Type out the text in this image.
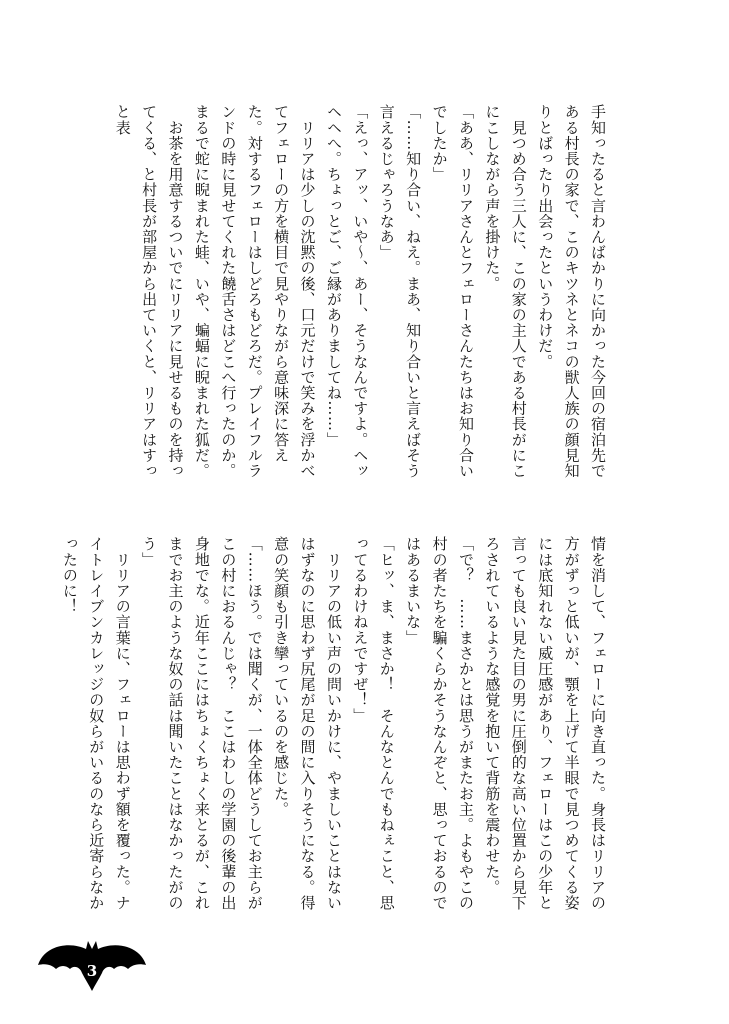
手知ったると言わんばかりに向かった今回の宿泊先である村長の家で、このキツネとネコの獣人族の顔見知りとばったり出会ったというわけだ。

　見つめ合う三人に、この家の主人である村長がにこにこしながら声を掛けた。

「ああ、リリアさんとフェローさんたちはお知り合いでしたか」

「……知り合い、ねえ。まあ、知り合いと言えばそう言えるじゃろうなあ」

「えっ、アッ、いや〜、あー、そうなんですよ。ヘッヘヘへ。ちょっとご、ご縁がありましてね……」

　リリアは少しの沈黙の後、口元だけで笑みを浮かべてフェローの方を横目で見やりながら意味深に答えた。対するフェローはしどろもどろだ。プレイフルランドの時に見せてくれた饒舌さはどこへ行ったのか。まるで蛇に睨まれた蛙、いや、蝙蝠に睨まれた狐だ。

　お茶を用意するついでにリリアに見せるものを持ってくる、と村長が部屋から出ていくと、リリアはすっと表

情を消して、フェローに向き直った。身長はリリアの方がずっと低いが、顎を上げて半眼で見つめてくる姿には底知れない威圧感があり、フェローはこの少年と言っても良い見た目の男に圧倒的な高い位置から見下ろされているような感覚を抱いて背筋を震わせた。

「で？　……まさかとは思うがまたお主。よもやこの村の者たちを騙くらかそうなんぞと、思っておるのではあるまいな」

「ヒッ、ま、まさか！　そんなとんでもねぇこと、思ってるわけねえですぜ！」

　リリアの低い声の問いかけに、やましいことはないはずなのに思わず尻尾が足の間に入りそうになる。得意の笑顔も引き攣っているのを感じた。

「……ほう。では聞くが、一体全体どうしてお主らがこの村におるんじゃ？　ここはわしの学園の後輩の出身地でな。近年ここにはちょくちょく来とるが、これまでお主のような奴の話は聞いたことはなかったがのう」

　リリアの言葉に、フェローは思わず額を覆った。ナイトレイブンカレッジの奴らがいるのなら近寄らなかったのに！

3
